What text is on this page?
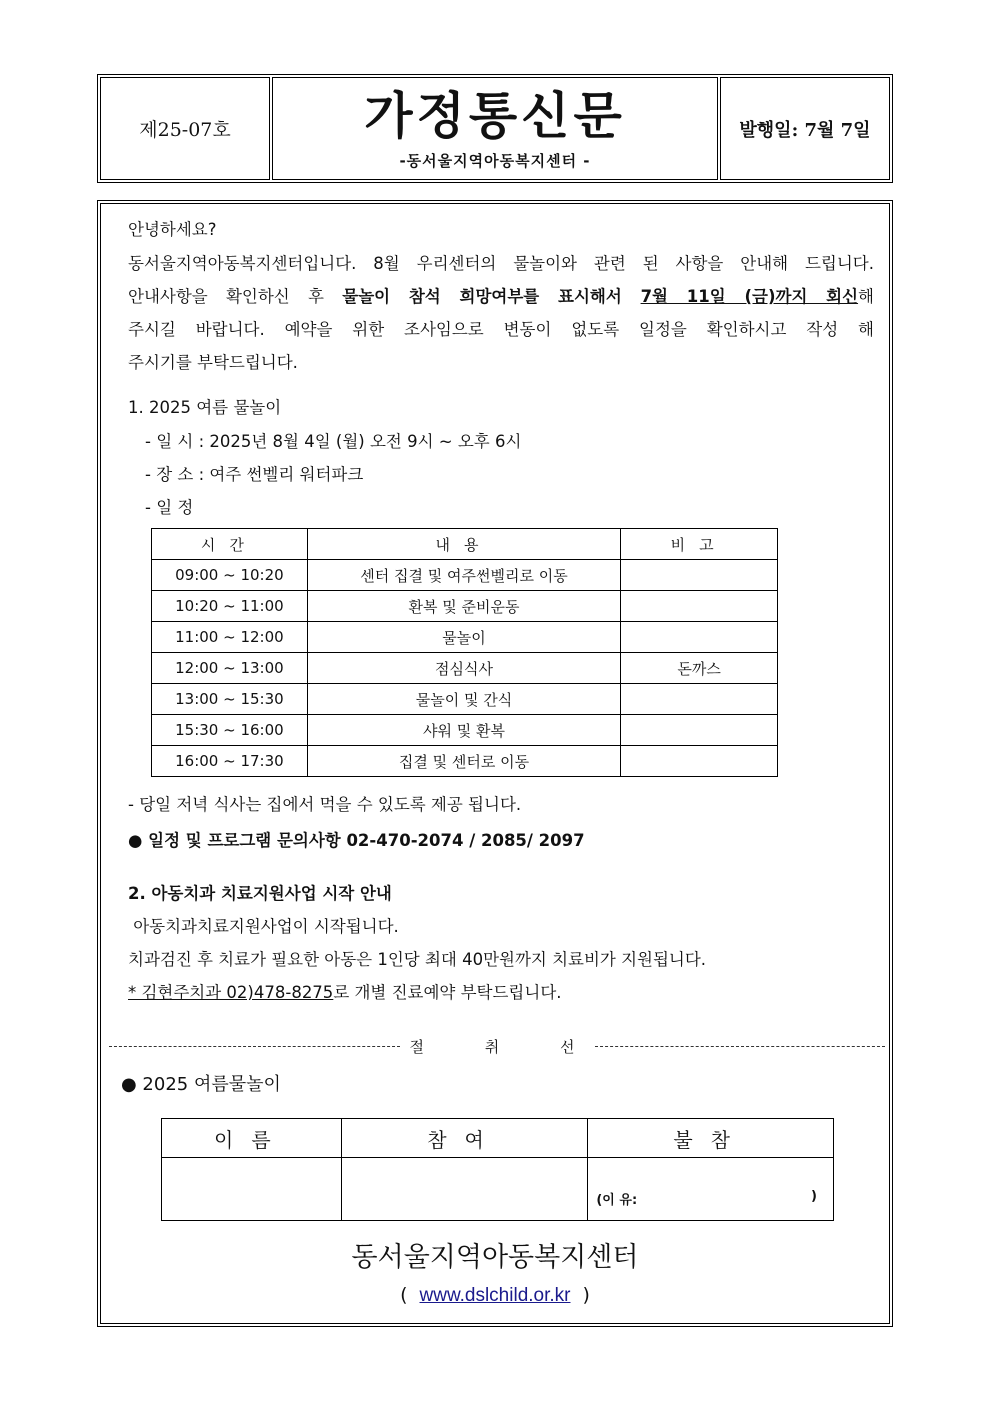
제25-07호	가정통신문
-동서울지역아동복지센터 -
발행일: 7월 7일
안녕하세요?
동서울지역아동복지센터입니다. 8월 우리센터의 물놀이와 관련 된 사항을 안내해 드립니다.
안내사항을 확인하신 후 물놀이 참석 희망여부를 표시해서 7월 11일 (금)까지 회신해
주시길 바랍니다. 예약을 위한 조사임으로 변동이 없도록 일정을 확인하시고 작성 해
주시기를 부탁드립니다.
1. 2025 여름 물놀이
- 일 시 : 2025년 8월 4일 (월) 오전 9시 ~ 오후 6시
- 장 소 : 여주 썬벨리 워터파크
- 일 정
시간	내용	비고
09:00 ~ 10:20	센터 집결 및 여주썬벨리로 이동	
10:20 ~ 11:00	환복 및 준비운동	
11:00 ~ 12:00	물놀이	
12:00 ~ 13:00	점심식사	돈까스
13:00 ~ 15:30	물놀이 및 간식	
15:30 ~ 16:00	샤워 및 환복	
16:00 ~ 17:30	집결 및 센터로 이동	
- 당일 저녁 식사는 집에서 먹을 수 있도록 제공 됩니다.
● 일정 및 프로그램 문의사항 02-470-2074 / 2085/ 2097
2. 아동치과 치료지원사업 시작 안내
아동치과치료지원사업이 시작됩니다.
치과검진 후 치료가 필요한 아동은 1인당 최대 40만원까지 치료비가 지원됩니다.
* 김현주치과 02)478-8275로 개별 진료예약 부탁드립니다.
절 취 선
● 2025 여름물놀이
이름	참여	불참

		(이 유: )
동서울지역아동복지센터
( www.dslchild.or.kr )
